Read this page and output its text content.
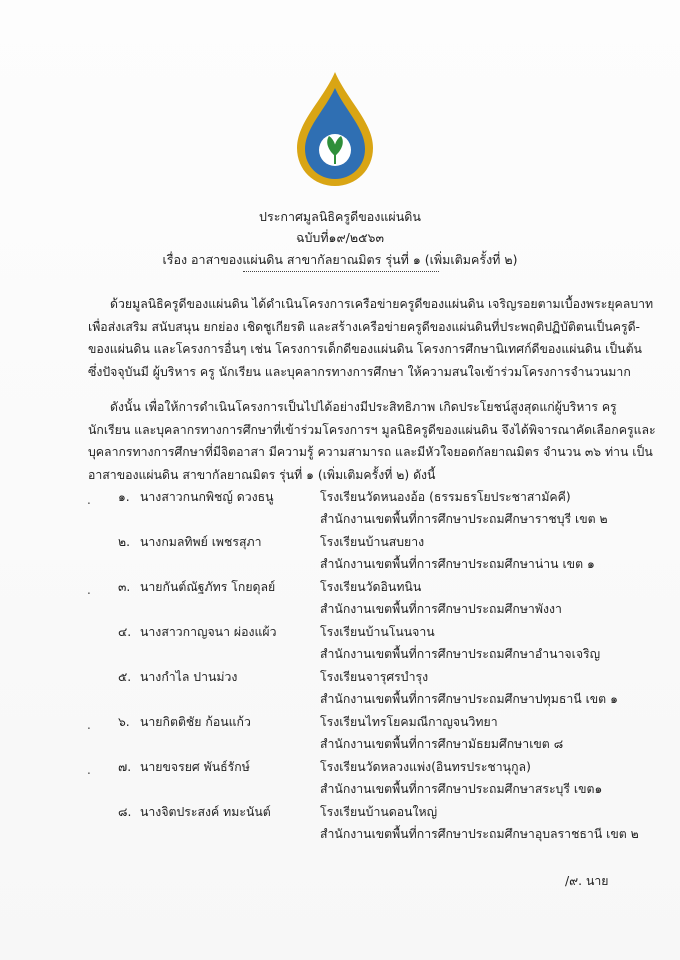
ประกาศมูลนิธิครูดีของแผ่นดิน
ฉบับที่๑๙/๒๕๖๓
เรื่อง อาสาของแผ่นดิน สาขากัลยาณมิตร รุ่นที่ ๑ (เพิ่มเติมครั้งที่ ๒)

ด้วยมูลนิธิครูดีของแผ่นดิน ได้ดำเนินโครงการเครือข่ายครูดีของแผ่นดิน เจริญรอยตามเบื้องพระยุคลบาท
เพื่อส่งเสริม สนับสนุน ยกย่อง เชิดชูเกียรติ และสร้างเครือข่ายครูดีของแผ่นดินที่ประพฤติปฏิบัติตนเป็นครูดี-
ของแผ่นดิน และโครงการอื่นๆ เช่น โครงการเด็กดีของแผ่นดิน โครงการศึกษานิเทศก์ดีของแผ่นดิน เป็นต้น
ซึ่งปัจจุบันมี ผู้บริหาร ครู นักเรียน และบุคลากรทางการศึกษา ให้ความสนใจเข้าร่วมโครงการจำนวนมาก

ดังนั้น เพื่อให้การดำเนินโครงการเป็นไปได้อย่างมีประสิทธิภาพ เกิดประโยชน์สูงสุดแก่ผู้บริหาร ครู
นักเรียน และบุคลากรทางการศึกษาที่เข้าร่วมโครงการฯ มูลนิธิครูดีของแผ่นดิน จึงได้พิจารณาคัดเลือกครูและ
บุคลากรทางการศึกษาที่มีจิตอาสา มีความรู้ ความสามารถ และมีหัวใจยอดกัลยาณมิตร จำนวน ๓๖ ท่าน เป็น
อาสาของแผ่นดิน สาขากัลยาณมิตร รุ่นที่ ๑ (เพิ่มเติมครั้งที่ ๒) ดังนี้

. ๑. นางสาวกนกพิชญ์ ดวงธนู	โรงเรียนวัดหนองอ้อ (ธรรมธรโยประชาสามัคคี)
สำนักงานเขตพื้นที่การศึกษาประถมศึกษาราชบุรี เขต ๒
๒. นางกมลทิพย์ เพชรสุภา	โรงเรียนบ้านสบยาง
สำนักงานเขตพื้นที่การศึกษาประถมศึกษาน่าน เขต ๑
. ๓. นายกันต์ณัฐภัทร โกยดุลย์	โรงเรียนวัดอินทนิน
สำนักงานเขตพื้นที่การศึกษาประถมศึกษาพังงา
๔. นางสาวกาญจนา ผ่องแผ้ว	โรงเรียนบ้านโนนจาน
สำนักงานเขตพื้นที่การศึกษาประถมศึกษาอำนาจเจริญ
๕. นางกำไล ปานม่วง	โรงเรียนจารุศรบำรุง
สำนักงานเขตพื้นที่การศึกษาประถมศึกษาปทุมธานี เขต ๑
. ๖. นายกิตติชัย ก้อนแก้ว	โรงเรียนไทรโยคมณีกาญจนวิทยา
สำนักงานเขตพื้นที่การศึกษามัธยมศึกษาเขต ๘
. ๗. นายขจรยศ พันธ์รักษ์	โรงเรียนวัดหลวงแพ่ง(อินทรประชานุกูล)
สำนักงานเขตพื้นที่การศึกษาประถมศึกษาสระบุรี เขต๑
๘. นางจิตประสงค์ ทมะนันต์	โรงเรียนบ้านดอนใหญ่
สำนักงานเขตพื้นที่การศึกษาประถมศึกษาอุบลราชธานี เขต ๒
/๙. นาย
